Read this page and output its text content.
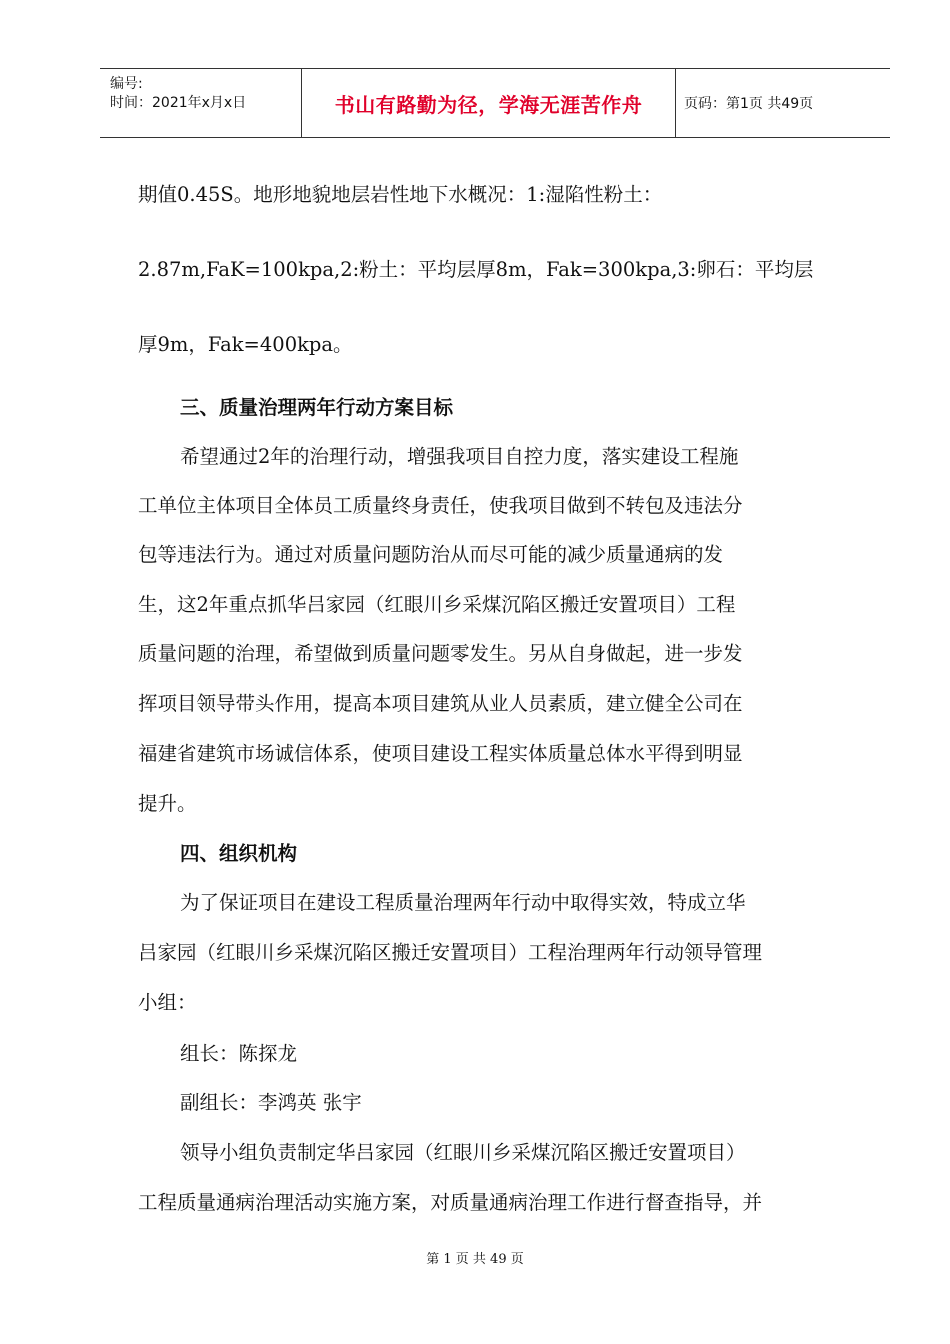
编号:
时间：2021年x月x日	书山有路勤为径，学海无涯苦作舟	页码：第1页 共49页
期值0.45S。地形地貌地层岩性地下水概况：1:湿陷性粉土：
2.87m,FaK=100kpa,2:粉土：平均层厚8m，Fak=300kpa,3:卵石：平均层
厚9m，Fak=400kpa。
三、质量治理两年行动方案目标
希望通过2年的治理行动，增强我项目自控力度，落实建设工程施
工单位主体项目全体员工质量终身责任，使我项目做到不转包及违法分
包等违法行为。通过对质量问题防治从而尽可能的减少质量通病的发
生，这2年重点抓华吕家园（红眼川乡采煤沉陷区搬迁安置项目）工程
质量问题的治理，希望做到质量问题零发生。另从自身做起，进一步发
挥项目领导带头作用，提高本项目建筑从业人员素质，建立健全公司在
福建省建筑市场诚信体系，使项目建设工程实体质量总体水平得到明显
提升。
四、组织机构
为了保证项目在建设工程质量治理两年行动中取得实效，特成立华
吕家园（红眼川乡采煤沉陷区搬迁安置项目）工程治理两年行动领导管理
小组：
组长：陈探龙
副组长：李鸿英 张宇
领导小组负责制定华吕家园（红眼川乡采煤沉陷区搬迁安置项目）
工程质量通病治理活动实施方案，对质量通病治理工作进行督查指导，并
第 1 页 共 49 页
